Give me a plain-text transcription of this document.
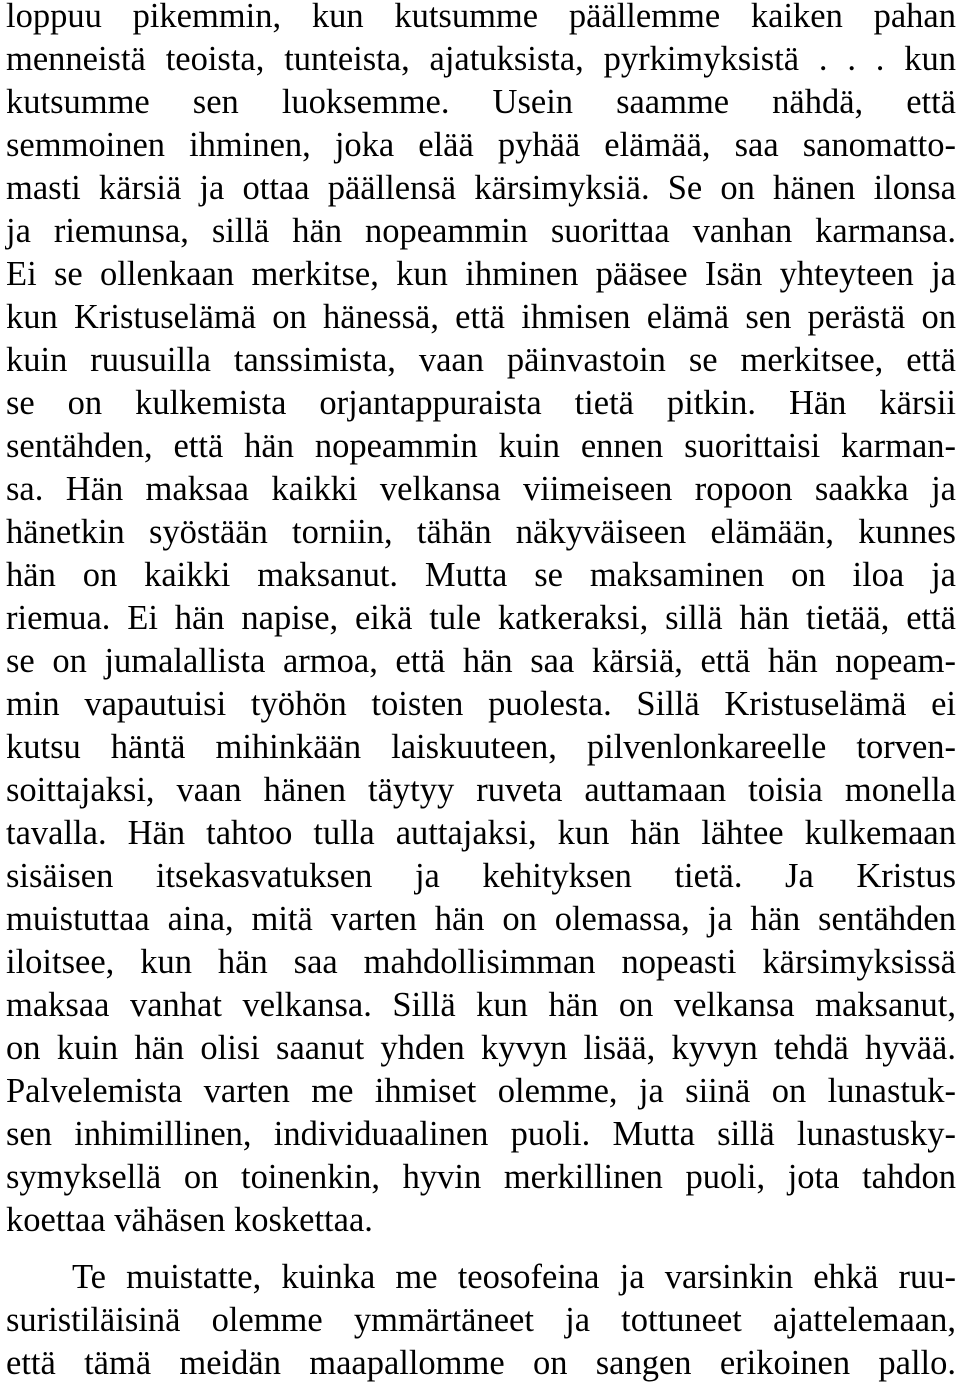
loppuu pikemmin, kun kutsumme päällemme kaiken pahan
menneistä teoista, tunteista, ajatuksista, pyrkimyksistä . . . kun
kutsumme sen luoksemme. Usein saamme nähdä, että
semmoinen ihminen, joka elää pyhää elämää, saa sanomatto-
masti kärsiä ja ottaa päällensä kärsimyksiä. Se on hänen ilonsa
ja riemunsa, sillä hän nopeammin suorittaa vanhan karmansa.
Ei se ollenkaan merkitse, kun ihminen pääsee Isän yhteyteen ja
kun Kristuselämä on hänessä, että ihmisen elämä sen perästä on
kuin ruusuilla tanssimista, vaan päinvastoin se merkitsee, että
se on kulkemista orjantappuraista tietä pitkin. Hän kärsii
sentähden, että hän nopeammin kuin ennen suorittaisi karman-
sa. Hän maksaa kaikki velkansa viimeiseen ropoon saakka ja
hänetkin syöstään torniin, tähän näkyväiseen elämään, kunnes
hän on kaikki maksanut. Mutta se maksaminen on iloa ja
riemua. Ei hän napise, eikä tule katkeraksi, sillä hän tietää, että
se on jumalallista armoa, että hän saa kärsiä, että hän nopeam-
min vapautuisi työhön toisten puolesta. Sillä Kristuselämä ei
kutsu häntä mihinkään laiskuuteen, pilvenlonkareelle torven-
soittajaksi, vaan hänen täytyy ruveta auttamaan toisia monella
tavalla. Hän tahtoo tulla auttajaksi, kun hän lähtee kulkemaan
sisäisen itsekasvatuksen ja kehityksen tietä. Ja Kristus
muistuttaa aina, mitä varten hän on olemassa, ja hän sentähden
iloitsee, kun hän saa mahdollisimman nopeasti kärsimyksissä
maksaa vanhat velkansa. Sillä kun hän on velkansa maksanut,
on kuin hän olisi saanut yhden kyvyn lisää, kyvyn tehdä hyvää.
Palvelemista varten me ihmiset olemme, ja siinä on lunastuk-
sen inhimillinen, individuaalinen puoli. Mutta sillä lunastusky-
symyksellä on toinenkin, hyvin merkillinen puoli, jota tahdon
koettaa vähäsen koskettaa.
Te muistatte, kuinka me teosofeina ja varsinkin ehkä ruu-
suristiläisinä olemme ymmärtäneet ja tottuneet ajattelemaan,
että tämä meidän maapallomme on sangen erikoinen pallo.
